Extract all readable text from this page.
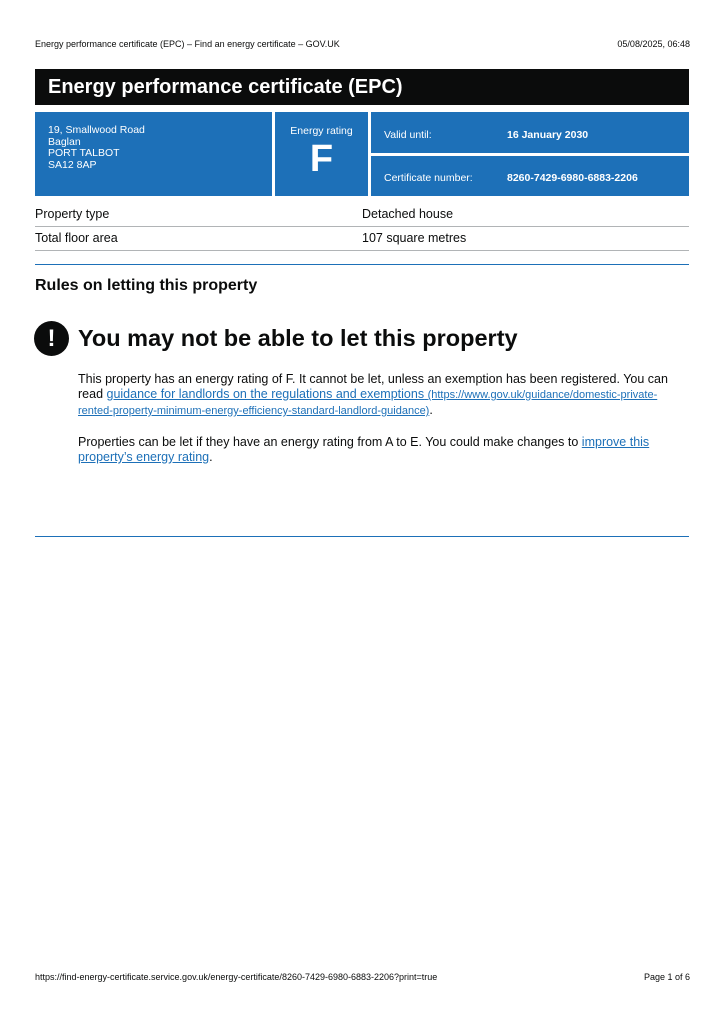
Energy performance certificate (EPC) – Find an energy certificate – GOV.UK	05/08/2025, 06:48
Energy performance certificate (EPC)
19, Smallwood Road
Baglan
PORT TALBOT
SA12 8AP
Energy rating
F
Valid until:	16 January 2030
Certificate number:	8260-7429-6980-6883-2206
Property type	Detached house
Total floor area	107 square metres
Rules on letting this property
! You may not be able to let this property
This property has an energy rating of F. It cannot be let, unless an exemption has been registered. You can read guidance for landlords on the regulations and exemptions (https://www.gov.uk/guidance/domestic-private-rented-property-minimum-energy-efficiency-standard-landlord-guidance).
Properties can be let if they have an energy rating from A to E. You could make changes to improve this property’s energy rating.
https://find-energy-certificate.service.gov.uk/energy-certificate/8260-7429-6980-6883-2206?print=true	Page 1 of 6
